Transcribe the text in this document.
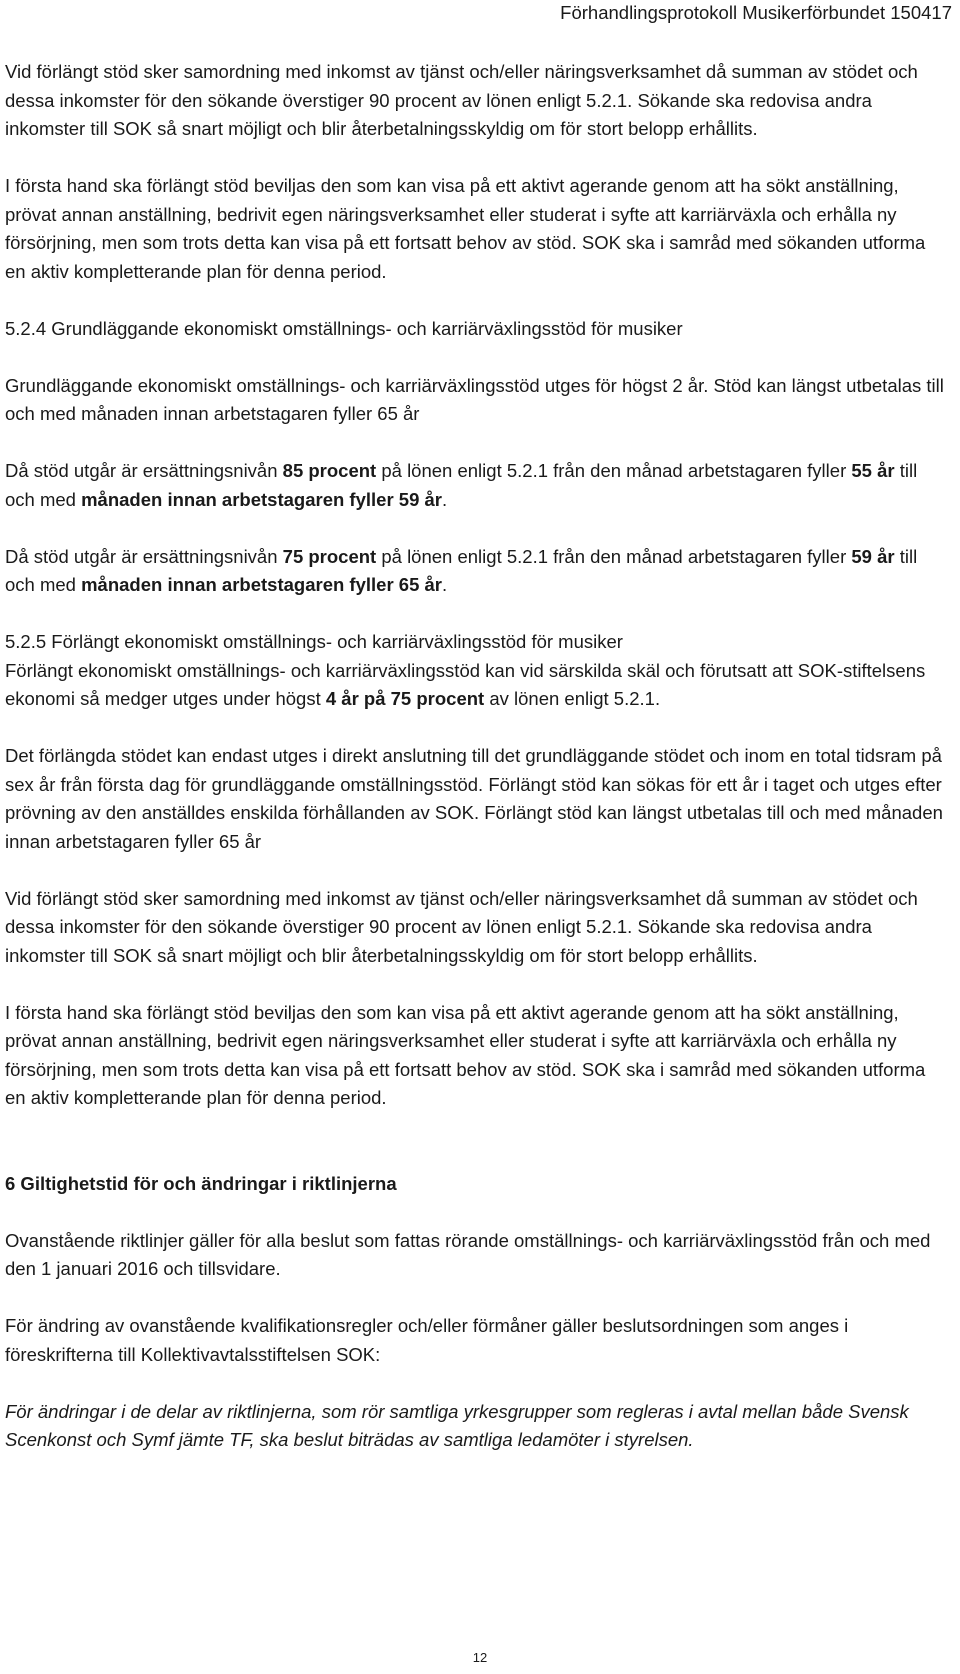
Förhandlingsprotokoll Musikerförbundet 150417

Vid förlängt stöd sker samordning med inkomst av tjänst och/eller näringsverksamhet då summan av stödet och dessa inkomster för den sökande överstiger 90 procent av lönen enligt 5.2.1. Sökande ska redovisa andra inkomster till SOK så snart möjligt och blir återbetalningsskyldig om för stort belopp erhållits.

I första hand ska förlängt stöd beviljas den som kan visa på ett aktivt agerande genom att ha sökt anställning, prövat annan anställning, bedrivit egen näringsverksamhet eller studerat i syfte att karriärväxla och erhålla ny försörjning, men som trots detta kan visa på ett fortsatt behov av stöd. SOK ska i samråd med sökanden utforma en aktiv kompletterande plan för denna period.

5.2.4 Grundläggande ekonomiskt omställnings- och karriärväxlingsstöd för musiker

Grundläggande ekonomiskt omställnings- och karriärväxlingsstöd utges för högst 2 år. Stöd kan längst utbetalas till och med månaden innan arbetstagaren fyller 65 år

Då stöd utgår är ersättningsnivån 85 procent på lönen enligt 5.2.1 från den månad arbetstagaren fyller 55 år till och med månaden innan arbetstagaren fyller 59 år.

Då stöd utgår är ersättningsnivån 75 procent på lönen enligt 5.2.1 från den månad arbetstagaren fyller 59 år till och med månaden innan arbetstagaren fyller 65 år.

5.2.5 Förlängt ekonomiskt omställnings- och karriärväxlingsstöd för musiker

Förlängt ekonomiskt omställnings- och karriärväxlingsstöd kan vid särskilda skäl och förutsatt att SOK-stiftelsens ekonomi så medger utges under högst 4 år på 75 procent av lönen enligt 5.2.1.

Det förlängda stödet kan endast utges i direkt anslutning till det grundläggande stödet och inom en total tidsram på sex år från första dag för grundläggande omställningsstöd. Förlängt stöd kan sökas för ett år i taget och utges efter prövning av den anställdes enskilda förhållanden av SOK. Förlängt stöd kan längst utbetalas till och med månaden innan arbetstagaren fyller 65 år

Vid förlängt stöd sker samordning med inkomst av tjänst och/eller näringsverksamhet då summan av stödet och dessa inkomster för den sökande överstiger 90 procent av lönen enligt 5.2.1. Sökande ska redovisa andra inkomster till SOK så snart möjligt och blir återbetalningsskyldig om för stort belopp erhållits.

I första hand ska förlängt stöd beviljas den som kan visa på ett aktivt agerande genom att ha sökt anställning, prövat annan anställning, bedrivit egen näringsverksamhet eller studerat i syfte att karriärväxla och erhålla ny försörjning, men som trots detta kan visa på ett fortsatt behov av stöd. SOK ska i samråd med sökanden utforma en aktiv kompletterande plan för denna period.

6 Giltighetstid för och ändringar i riktlinjerna

Ovanstående riktlinjer gäller för alla beslut som fattas rörande omställnings- och karriärväxlingsstöd från och med den 1 januari 2016 och tillsvidare.

För ändring av ovanstående kvalifikationsregler och/eller förmåner gäller beslutsordningen som anges i föreskrifterna till Kollektivavtalsstiftelsen SOK:

För ändringar i de delar av riktlinjerna, som rör samtliga yrkesgrupper som regleras i avtal mellan både Svensk Scenkonst och Symf jämte TF, ska beslut biträdas av samtliga ledamöter i styrelsen.

12
